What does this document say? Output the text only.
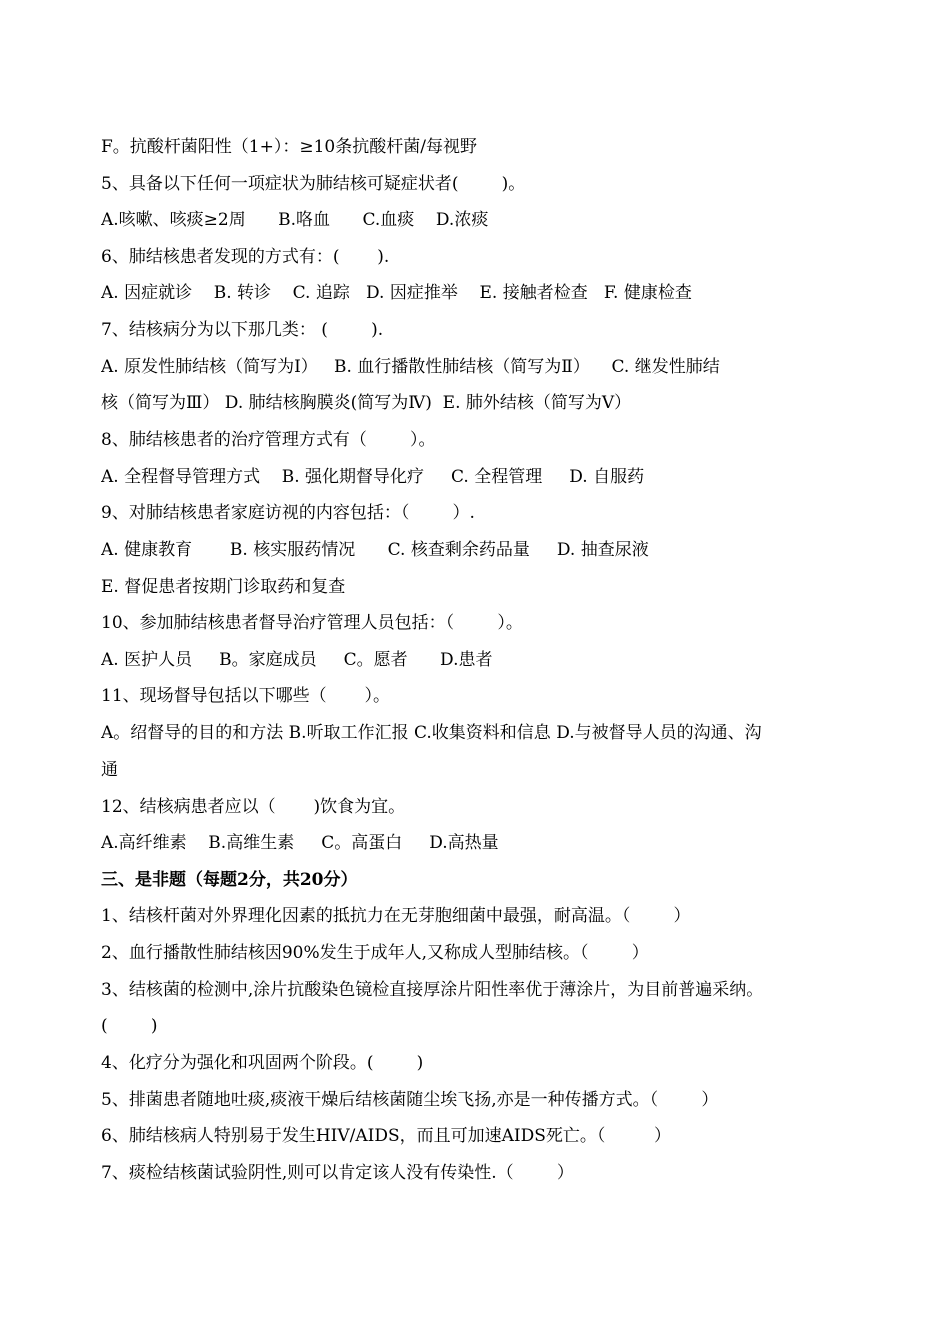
F。抗酸杆菌阳性（1+）：≥10条抗酸杆菌/每视野
5、具备以下任何一项症状为肺结核可疑症状者(        )。
A.咳嗽、咳痰≥2周      B.咯血      C.血痰    D.浓痰
6、肺结核患者发现的方式有：(       ).
A. 因症就诊    B. 转诊    C. 追踪   D. 因症推举    E. 接触者检查   F. 健康检查
7、结核病分为以下那几类： (        ).
A. 原发性肺结核（简写为Ⅰ）   B. 血行播散性肺结核（简写为Ⅱ）    C. 继发性肺结
核（简写为Ⅲ） D. 肺结核胸膜炎(简写为Ⅳ)  E. 肺外结核（简写为Ⅴ）
8、肺结核患者的治疗管理方式有（        ）。
A. 全程督导管理方式    B. 强化期督导化疗     C. 全程管理     D. 自服药
9、对肺结核患者家庭访视的内容包括：（        ）.
A. 健康教育       B. 核实服药情况      C. 核查剩余药品量     D. 抽查尿液
E. 督促患者按期门诊取药和复查
10、参加肺结核患者督导治疗管理人员包括：（        ）。
A. 医护人员     B。家庭成员     C。愿者      D.患者
11、现场督导包括以下哪些（       ）。
A。绍督导的目的和方法 B.听取工作汇报 C.收集资料和信息 D.与被督导人员的沟通、沟
通
12、结核病患者应以（       )饮食为宜。
A.高纤维素    B.高维生素     C。高蛋白     D.高热量
三、是非题（每题2分，共20分）
1、结核杆菌对外界理化因素的抵抗力在无芽胞细菌中最强，耐高温。（        ）
2、血行播散性肺结核因90%发生于成年人,又称成人型肺结核。（        ）
3、结核菌的检测中,涂片抗酸染色镜检直接厚涂片阳性率优于薄涂片，为目前普遍采纳。
(        )
4、化疗分为强化和巩固两个阶段。(        )
5、排菌患者随地吐痰,痰液干燥后结核菌随尘埃飞扬,亦是一种传播方式。（        ）
6、肺结核病人特别易于发生HIV/AIDS，而且可加速AIDS死亡。（         ）
7、痰检结核菌试验阴性,则可以肯定该人没有传染性.（        ）
